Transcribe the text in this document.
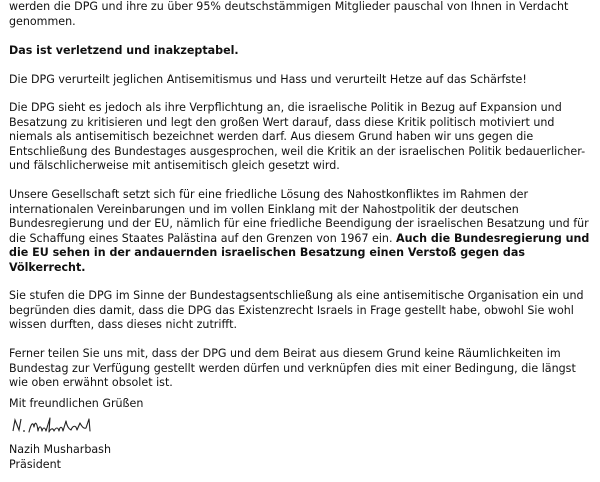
werden die DPG und ihre zu über 95% deutschstämmigen Mitglieder pauschal von Ihnen in Verdacht genommen.

Das ist verletzend und inakzeptabel.

Die DPG verurteilt jeglichen Antisemitismus und Hass und verurteilt Hetze auf das Schärfste!

Die DPG sieht es jedoch als ihre Verpflichtung an, die israelische Politik in Bezug auf Expansion und Besatzung zu kritisieren und legt den großen Wert darauf, dass diese Kritik politisch motiviert und niemals als antisemitisch bezeichnet werden darf. Aus diesem Grund haben wir uns gegen die Entschließung des Bundestages ausgesprochen, weil die Kritik an der israelischen Politik bedauerlicher- und fälschlicherweise mit antisemitisch gleich gesetzt wird.

Unsere Gesellschaft setzt sich für eine friedliche Lösung des Nahostkonfliktes im Rahmen der internationalen Vereinbarungen und im vollen Einklang mit der Nahostpolitik der deutschen Bundesregierung und der EU, nämlich für eine friedliche Beendigung der israelischen Besatzung und für die Schaffung eines Staates Palästina auf den Grenzen von 1967 ein. Auch die Bundesregierung und die EU sehen in der andauernden israelischen Besatzung einen Verstoß gegen das Völkerrecht.

Sie stufen die DPG im Sinne der Bundestagsentschließung als eine antisemitische Organisation ein und begründen dies damit, dass die DPG das Existenzrecht Israels in Frage gestellt habe, obwohl Sie wohl wissen durften, dass dieses nicht zutrifft.

Ferner teilen Sie uns mit, dass der DPG und dem Beirat aus diesem Grund keine Räumlichkeiten im Bundestag zur Verfügung gestellt werden dürfen und verknüpfen dies mit einer Bedingung, die längst wie oben erwähnt obsolet ist.

Mit freundlichen Grüßen

Nazih Musharbash

Präsident
